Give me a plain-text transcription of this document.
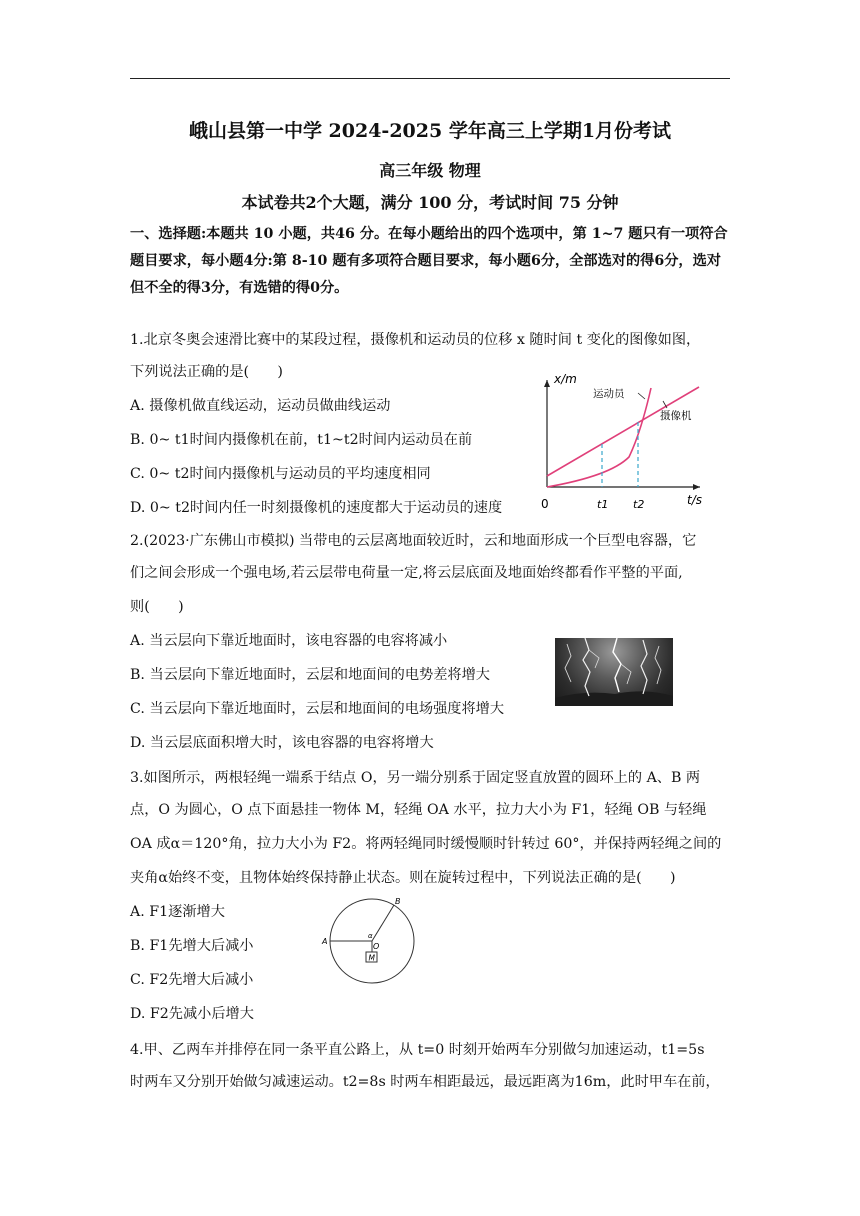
峨山县第一中学 2024-2025 学年高三上学期1月份考试
高三年级 物理
本试卷共2个大题，满分 100 分，考试时间 75 分钟
一、选择题:本题共 10 小题，共46 分。在每小题给出的四个选项中，第 1~7 题只有一项符合题目要求，每小题4分:第 8-10 题有多项符合题目要求，每小题6分，全部选对的得6分，选对但不全的得3分，有选错的得0分。
1.北京冬奥会速滑比赛中的某段过程，摄像机和运动员的位移 x 随时间 t 变化的图像如图，
下列说法正确的是(　　)
A. 摄像机做直线运动，运动员做曲线运动
B. 0~ t1时间内摄像机在前，t1~t2时间内运动员在前
C. 0~ t2时间内摄像机与运动员的平均速度相同
D. 0~ t2时间内任一时刻摄像机的速度都大于运动员的速度
x/m
t/s
0	t1 t2
运动员
摄像机
2.(2023·广东佛山市模拟) 当带电的云层离地面较近时，云和地面形成一个巨型电容器，它
们之间会形成一个强电场,若云层带电荷量一定,将云层底面及地面始终都看作平整的平面,
则(　　)
A. 当云层向下靠近地面时，该电容器的电容将减小
B. 当云层向下靠近地面时，云层和地面间的电势差将增大
C. 当云层向下靠近地面时，云层和地面间的电场强度将增大
D. 当云层底面积增大时，该电容器的电容将增大
3.如图所示，两根轻绳一端系于结点 O，另一端分别系于固定竖直放置的圆环上的 A、B 两
点，O 为圆心，O 点下面悬挂一物体 M，轻绳 OA 水平，拉力大小为 F1，轻绳 OB 与轻绳
OA 成α＝120°角，拉力大小为 F2。将两轻绳同时缓慢顺时针转过 60°，并保持两轻绳之间的
夹角α始终不变，且物体始终保持静止状态。则在旋转过程中，下列说法正确的是(　　)
A. F1逐渐增大
B. F1先增大后减小
C. F2先增大后减小
D. F2先减小后增大
M
A
B
O
α
4.甲、乙两车并排停在同一条平直公路上，从 t=0 时刻开始两车分别做匀加速运动，t1=5s
时两车又分别开始做匀减速运动。t2=8s 时两车相距最远，最远距离为16m，此时甲车在前，
